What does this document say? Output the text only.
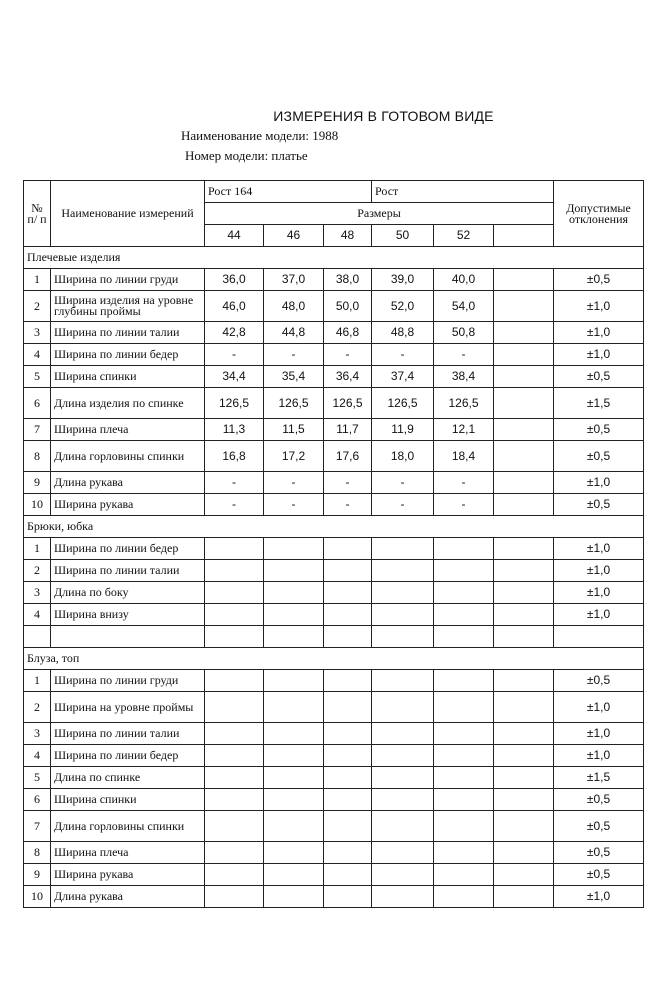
ИЗМЕРЕНИЯ В ГОТОВОМ ВИДЕ
Наименование модели: 1988
Номер модели: платье
№ п/ п	Наименование измерений	Рост 164			Рост			Допустимые отклонения
		Размеры						
		44	46	48	50	52		
Плечевые изделия								
1	Ширина по линии груди	36,0	37,0	38,0	39,0	40,0		±0,5
2	Ширина изделия на уровне глубины проймы	46,0	48,0	50,0	52,0	54,0		±1,0
3	Ширина по линии талии	42,8	44,8	46,8	48,8	50,8		±1,0
4	Ширина по линии бедер	-	-	-	-	-		±1,0
5	Ширина спинки	34,4	35,4	36,4	37,4	38,4		±0,5
6	Длина изделия по спинке	126,5	126,5	126,5	126,5	126,5		±1,5
7	Ширина плеча	11,3	11,5	11,7	11,9	12,1		±0,5
8	Длина горловины спинки	16,8	17,2	17,6	18,0	18,4		±0,5
9	Длина рукава	-	-	-	-	-		±1,0
10	Ширина рукава	-	-	-	-	-		±0,5
Брюки, юбка								
1	Ширина по линии бедер							±1,0
2	Ширина по линии талии							±1,0
3	Длина по боку							±1,0
4	Ширина внизу							±1,0

Блуза, топ								
1	Ширина по линии груди							±0,5
2	Ширина на уровне проймы							±1,0
3	Ширина по линии талии							±1,0
4	Ширина по линии бедер							±1,0
5	Длина по спинке							±1,5
6	Ширина спинки							±0,5
7	Длина горловины спинки							±0,5
8	Ширина плеча							±0,5
9	Ширина рукава							±0,5
10	Длина рукава							±1,0
